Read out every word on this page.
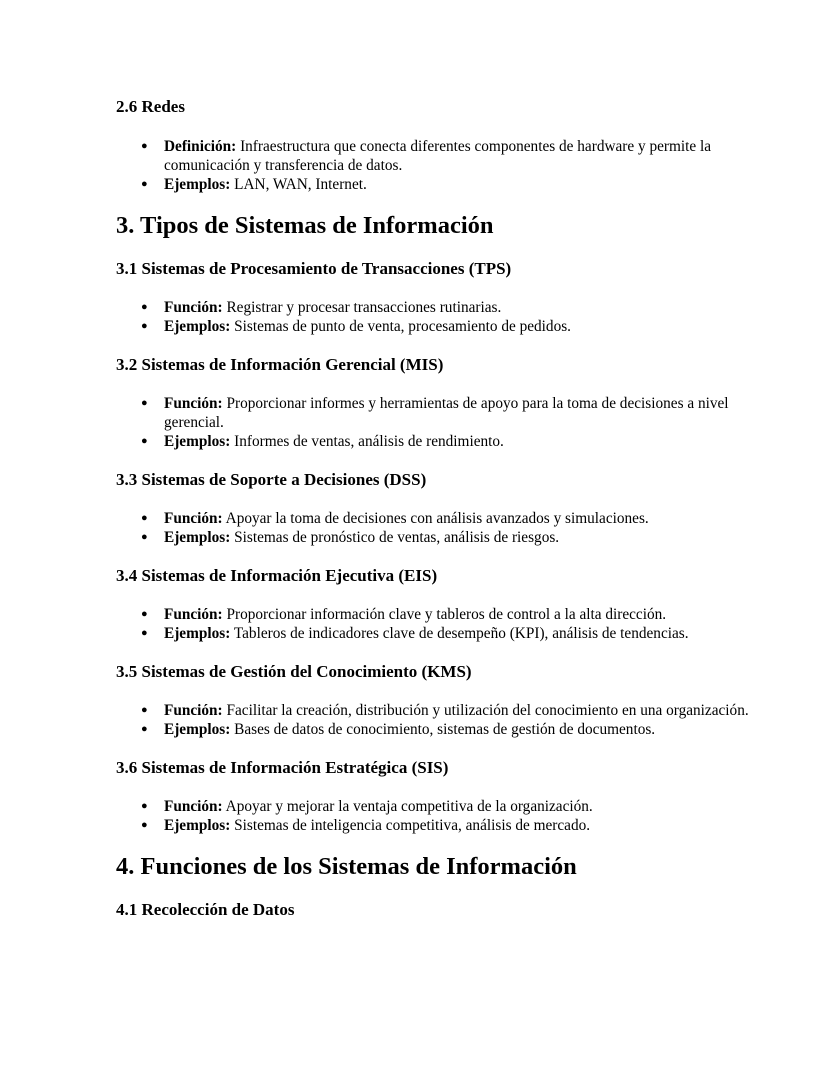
2.6 Redes
● Definición: Infraestructura que conecta diferentes componentes de hardware y permite la comunicación y transferencia de datos.
● Ejemplos: LAN, WAN, Internet.
3. Tipos de Sistemas de Información
3.1 Sistemas de Procesamiento de Transacciones (TPS)
● Función: Registrar y procesar transacciones rutinarias.
● Ejemplos: Sistemas de punto de venta, procesamiento de pedidos.
3.2 Sistemas de Información Gerencial (MIS)
● Función: Proporcionar informes y herramientas de apoyo para la toma de decisiones a nivel gerencial.
● Ejemplos: Informes de ventas, análisis de rendimiento.
3.3 Sistemas de Soporte a Decisiones (DSS)
● Función: Apoyar la toma de decisiones con análisis avanzados y simulaciones.
● Ejemplos: Sistemas de pronóstico de ventas, análisis de riesgos.
3.4 Sistemas de Información Ejecutiva (EIS)
● Función: Proporcionar información clave y tableros de control a la alta dirección.
● Ejemplos: Tableros de indicadores clave de desempeño (KPI), análisis de tendencias.
3.5 Sistemas de Gestión del Conocimiento (KMS)
● Función: Facilitar la creación, distribución y utilización del conocimiento en una organización.
● Ejemplos: Bases de datos de conocimiento, sistemas de gestión de documentos.
3.6 Sistemas de Información Estratégica (SIS)
● Función: Apoyar y mejorar la ventaja competitiva de la organización.
● Ejemplos: Sistemas de inteligencia competitiva, análisis de mercado.
4. Funciones de los Sistemas de Información
4.1 Recolección de Datos
